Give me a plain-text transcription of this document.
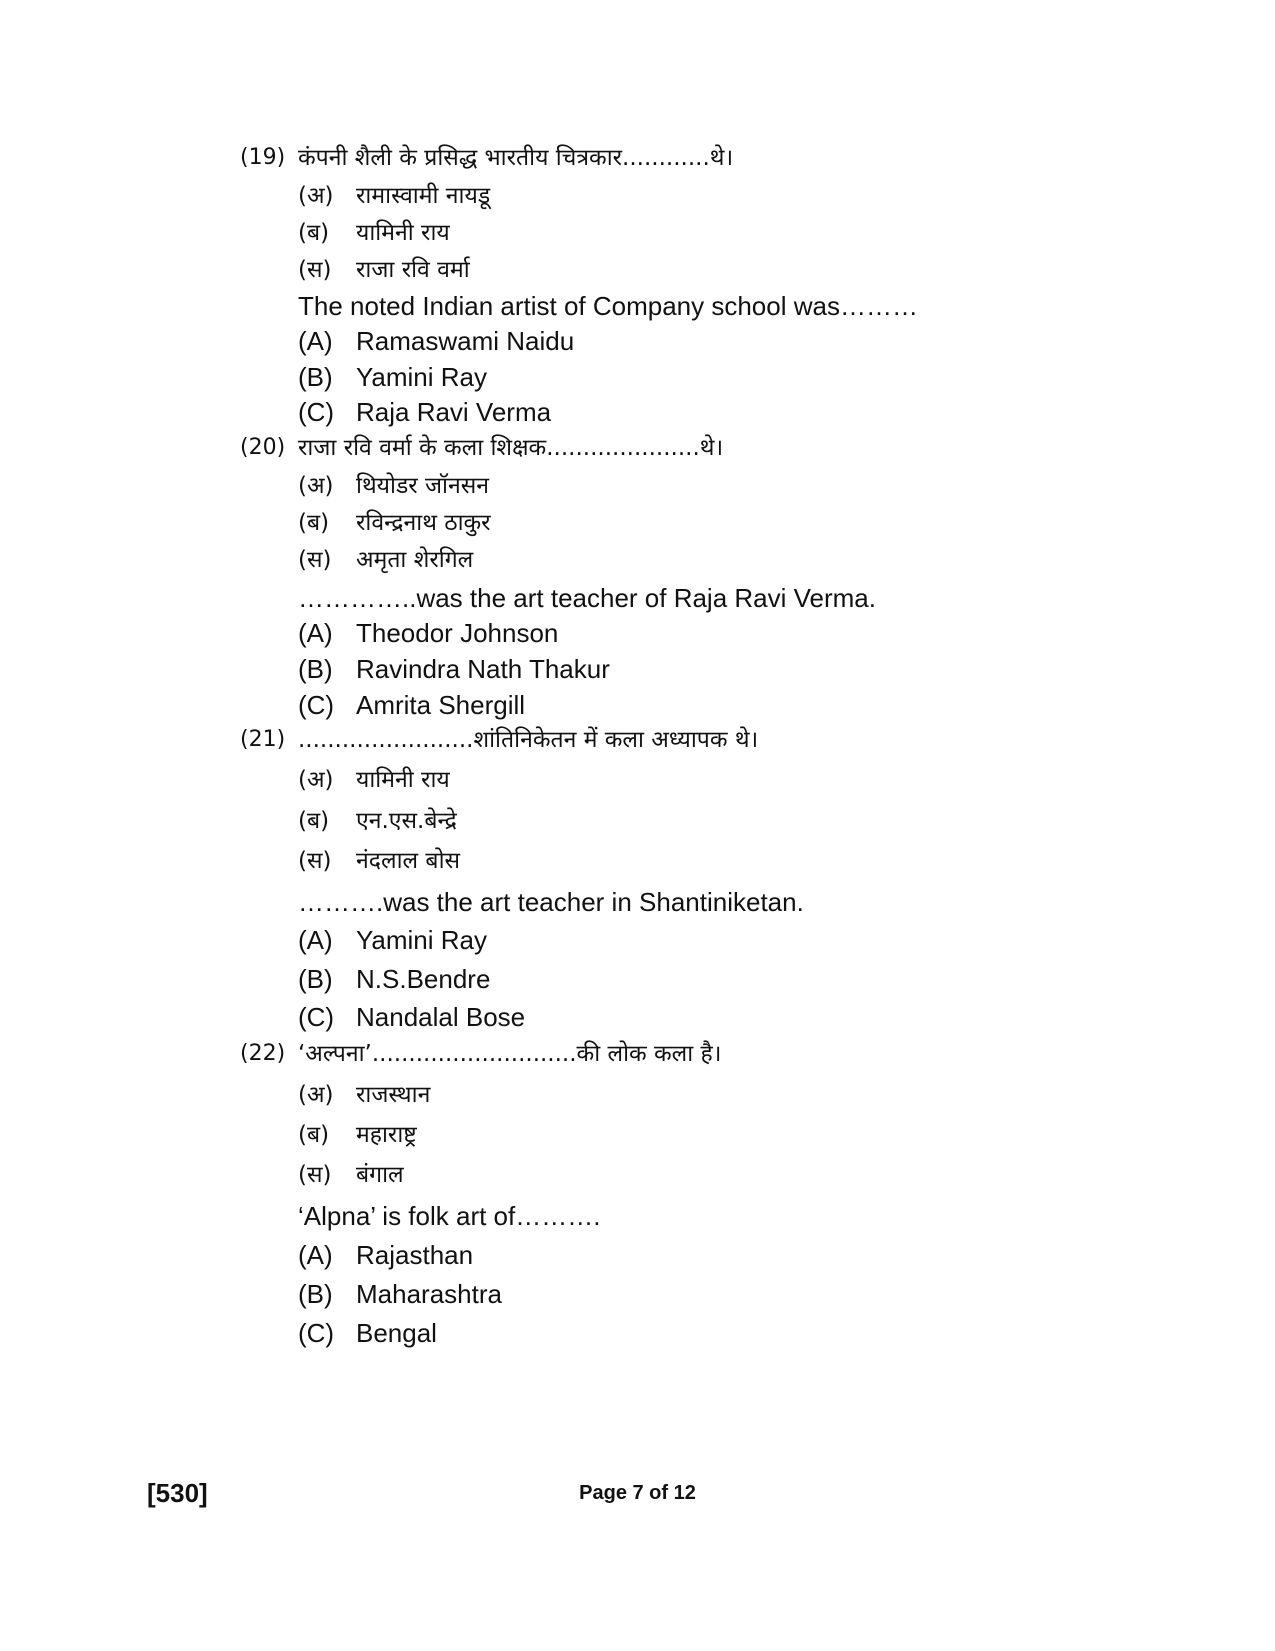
(19) कंपनी शैली के प्रसिद्ध भारतीय चित्रकार............थे।
(अ) रामास्वामी नायडू
(ब) यामिनी राय
(स) राजा रवि वर्मा
The noted Indian artist of Company school was………
(A) Ramaswami Naidu
(B) Yamini Ray
(C) Raja Ravi Verma
(20) राजा रवि वर्मा के कला शिक्षक.....................थे।
(अ) थियोडर जॉनसन
(ब) रविन्द्रनाथ ठाकुर
(स) अमृता शेरगिल
…………..was the art teacher of Raja Ravi Verma.
(A) Theodor Johnson
(B) Ravindra Nath Thakur
(C) Amrita Shergill
(21) ........................शांतिनिकेतन में कला अध्यापक थे।
(अ) यामिनी राय
(ब) एन.एस.बेन्द्रे
(स) नंदलाल बोस
……….was the art teacher in Shantiniketan.
(A) Yamini Ray
(B) N.S.Bendre
(C) Nandalal Bose
(22) ‘अल्पना’............................की लोक कला है।
(अ) राजस्थान
(ब) महाराष्ट्र
(स) बंगाल
‘Alpna’ is folk art of……….
(A) Rajasthan
(B) Maharashtra
(C) Bengal
[530]	Page 7 of 12
